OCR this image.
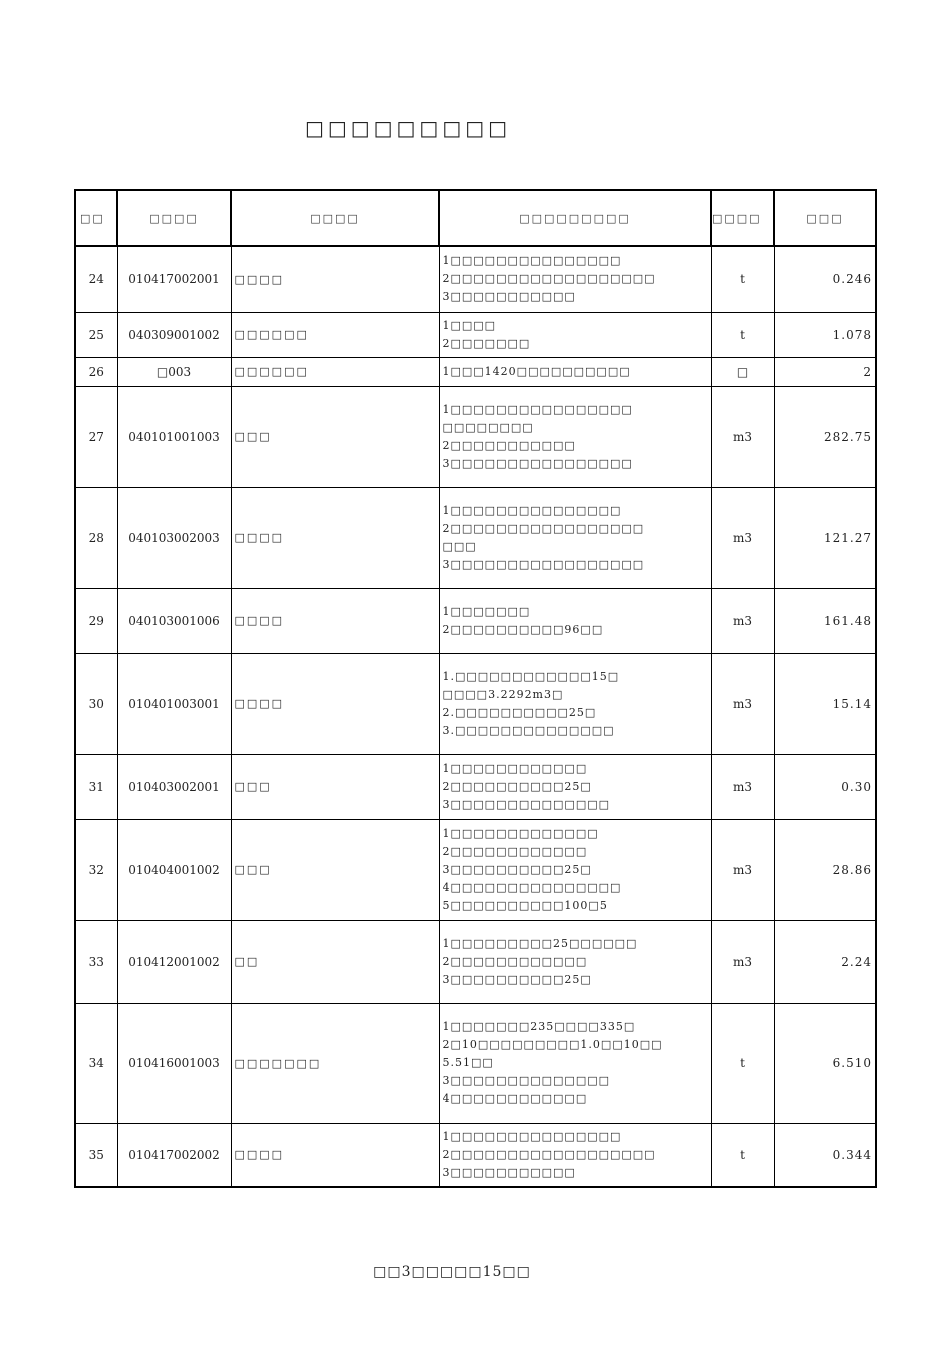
□□□□□□□□□
□□	□□□□	□□□□	□□□□□□□□□	□□□□	□□□
24	010417002001	□□□□	1□□□□□□□□□□□□□□□
2□□□□□□□□□□□□□□□□□□
3□□□□□□□□□□□	t	0.246
25	040309001002	□□□□□□	1□□□□
2□□□□□□□	t	1.078
26	□003	□□□□□□	1□□□1420□□□□□□□□□□	□	2
27	040101001003	□□□	1□□□□□□□□□□□□□□□□
□□□□□□□□
2□□□□□□□□□□□
3□□□□□□□□□□□□□□□□	m3	282.75
28	040103002003	□□□□	1□□□□□□□□□□□□□□□
2□□□□□□□□□□□□□□□□□
□□□
3□□□□□□□□□□□□□□□□□	m3	121.27
29	040103001006	□□□□	1□□□□□□□
2□□□□□□□□□□96□□	m3	161.48
30	010401003001	□□□□	1.□□□□□□□□□□□□15□
□□□□3.2292m3□
2.□□□□□□□□□□25□
3.□□□□□□□□□□□□□□	m3	15.14
31	010403002001	□□□	1□□□□□□□□□□□□
2□□□□□□□□□□25□
3□□□□□□□□□□□□□□	m3	0.30
32	010404001002	□□□	1□□□□□□□□□□□□□
2□□□□□□□□□□□□
3□□□□□□□□□□25□
4□□□□□□□□□□□□□□□
5□□□□□□□□□□100□5	m3	28.86
33	010412001002	□□	1□□□□□□□□□25□□□□□□
2□□□□□□□□□□□□
3□□□□□□□□□□25□	m3	2.24
34	010416001003	□□□□□□□	1□□□□□□□235□□□□335□
2□10□□□□□□□□□1.0□□10□□
5.51□□
3□□□□□□□□□□□□□□
4□□□□□□□□□□□□	t	6.510
35	010417002002	□□□□	1□□□□□□□□□□□□□□□
2□□□□□□□□□□□□□□□□□□
3□□□□□□□□□□□	t	0.344
□□3□□□□□15□□
